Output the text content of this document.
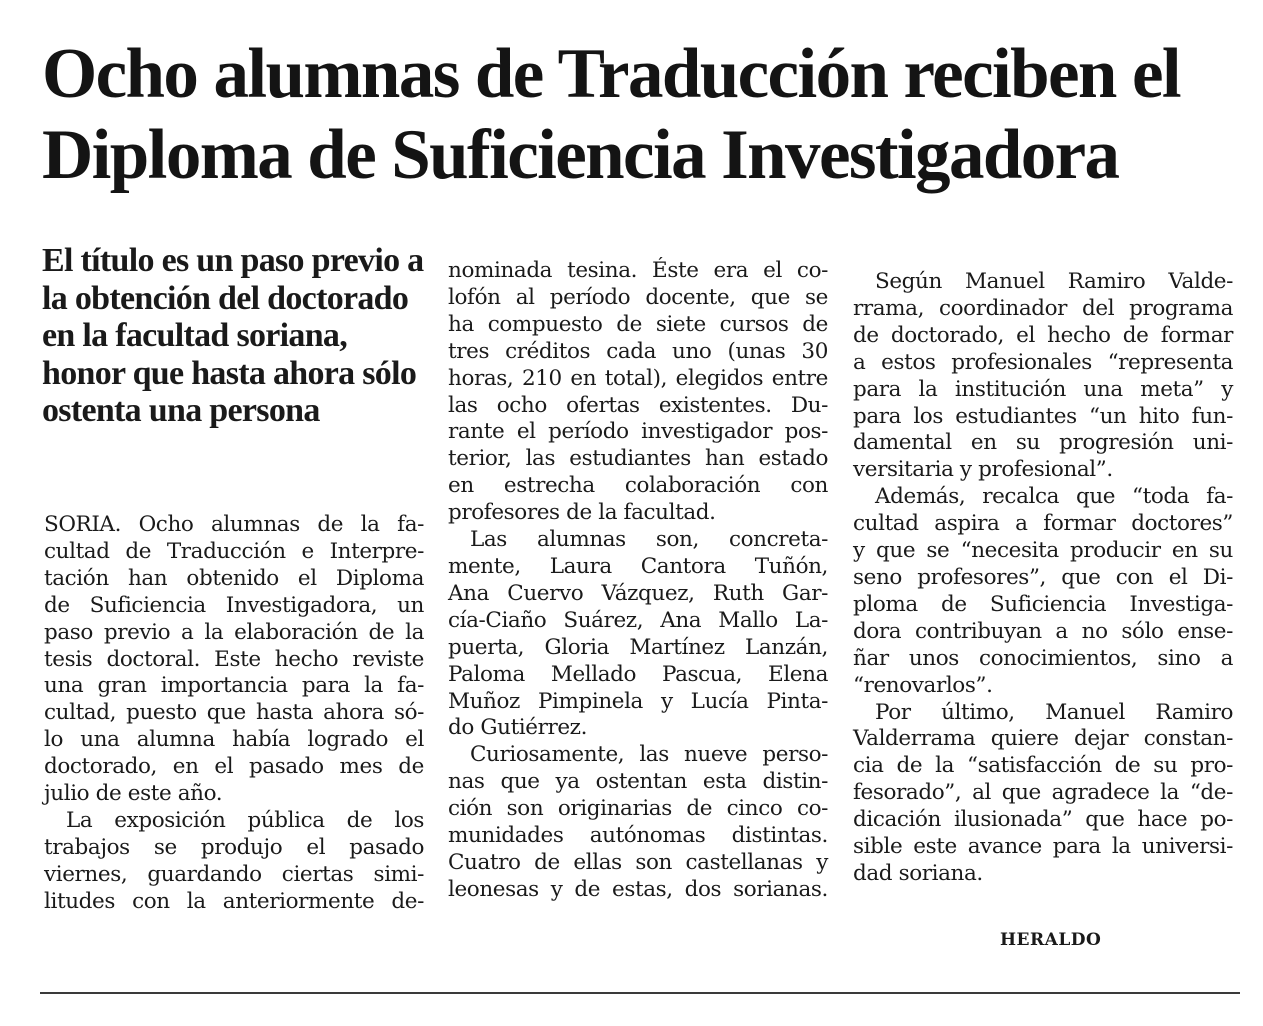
Ocho alumnas de Traducción reciben el
Diploma de Suficiencia Investigadora
El título es un paso previo a
la obtención del doctorado
en la facultad soriana,
honor que hasta ahora sólo
ostenta una persona
SORIA. Ocho alumnas de la fa-
cultad de Traducción e Interpre-
tación han obtenido el Diploma
de Suficiencia Investigadora, un
paso previo a la elaboración de la
tesis doctoral. Este hecho reviste
una gran importancia para la fa-
cultad, puesto que hasta ahora só-
lo una alumna había logrado el
doctorado, en el pasado mes de
julio de este año.
La exposición pública de los
trabajos se produjo el pasado
viernes, guardando ciertas simi-
litudes con la anteriormente de-
nominada tesina. Éste era el co-
lofón al período docente, que se
ha compuesto de siete cursos de
tres créditos cada uno (unas 30
horas, 210 en total), elegidos entre
las ocho ofertas existentes. Du-
rante el período investigador pos-
terior, las estudiantes han estado
en estrecha colaboración con
profesores de la facultad.
Las alumnas son, concreta-
mente, Laura Cantora Tuñón,
Ana Cuervo Vázquez, Ruth Gar-
cía-Ciaño Suárez, Ana Mallo La-
puerta, Gloria Martínez Lanzán,
Paloma Mellado Pascua, Elena
Muñoz Pimpinela y Lucía Pinta-
do Gutiérrez.
Curiosamente, las nueve perso-
nas que ya ostentan esta distin-
ción son originarias de cinco co-
munidades autónomas distintas.
Cuatro de ellas son castellanas y
leonesas y de estas, dos sorianas.
Según Manuel Ramiro Valde-
rrama, coordinador del programa
de doctorado, el hecho de formar
a estos profesionales “representa
para la institución una meta” y
para los estudiantes “un hito fun-
damental en su progresión uni-
versitaria y profesional”.
Además, recalca que “toda fa-
cultad aspira a formar doctores”
y que se “necesita producir en su
seno profesores”, que con el Di-
ploma de Suficiencia Investiga-
dora contribuyan a no sólo ense-
ñar unos conocimientos, sino a
“renovarlos”.
Por último, Manuel Ramiro
Valderrama quiere dejar constan-
cia de la “satisfacción de su pro-
fesorado”, al que agradece la “de-
dicación ilusionada” que hace po-
sible este avance para la universi-
dad soriana.
HERALDO
